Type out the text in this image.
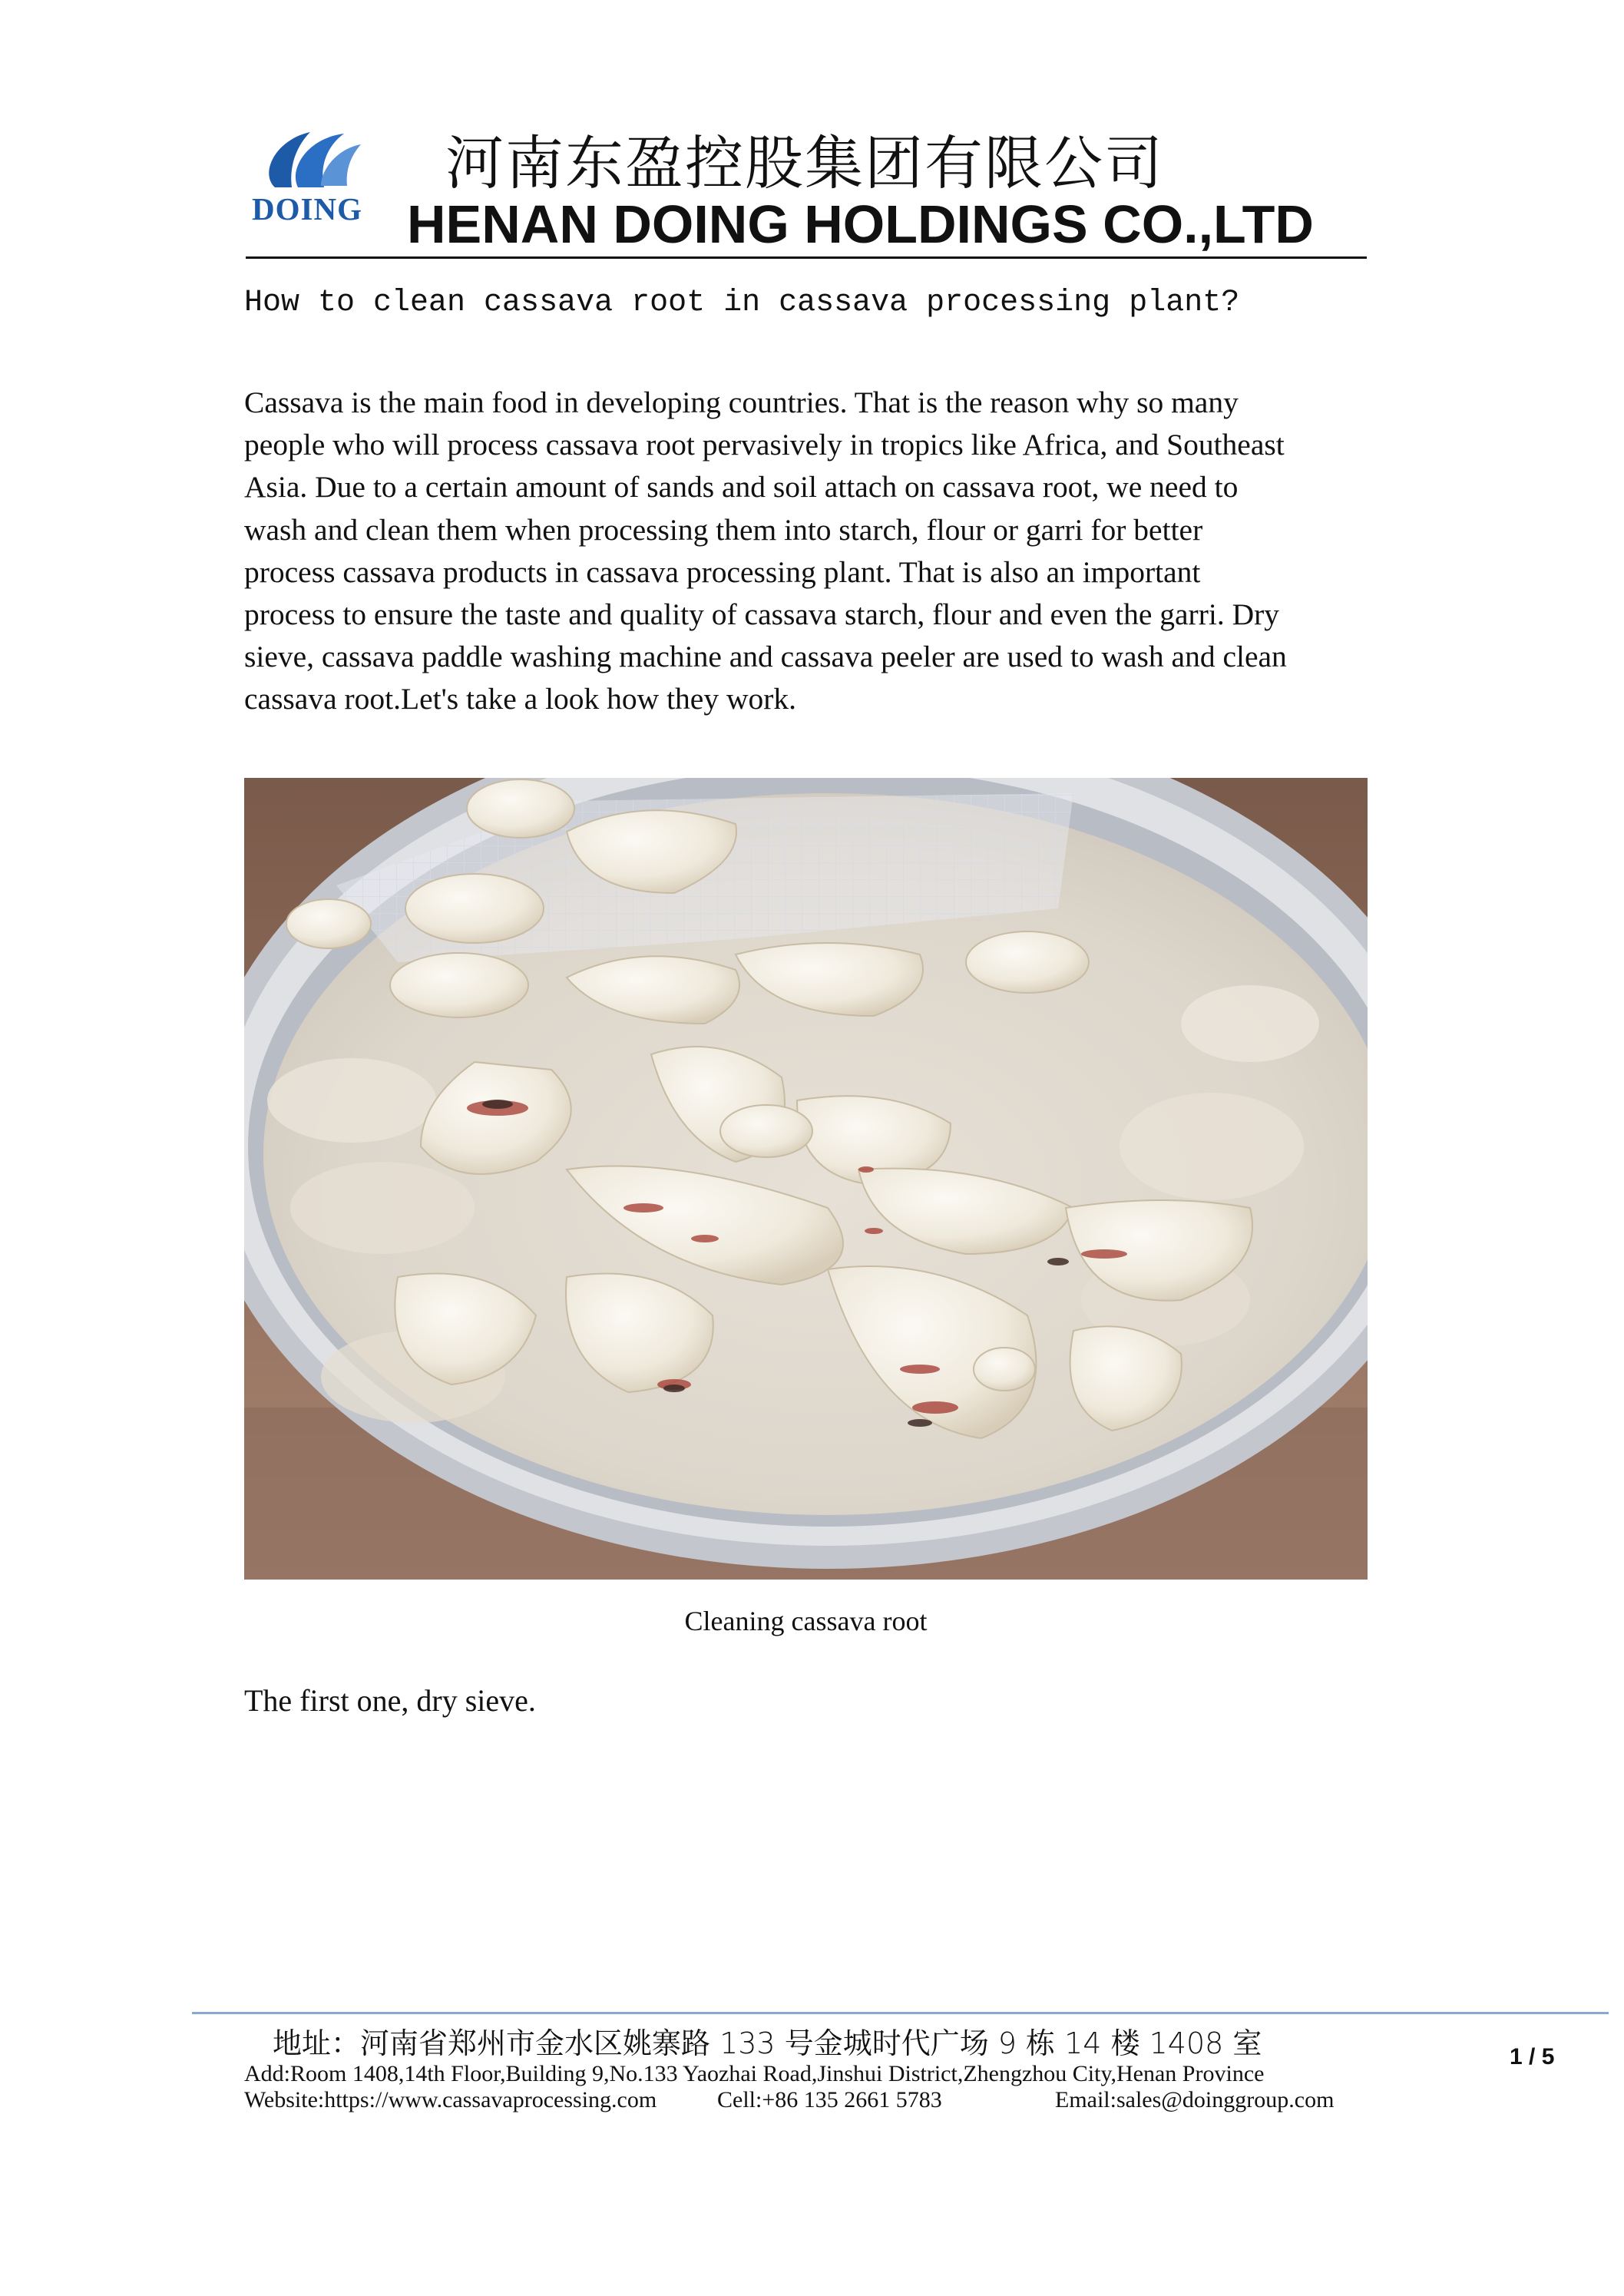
DOING
河南东盈控股集团有限公司
HENAN DOING HOLDINGS CO.,LTD
How to clean cassava root in cassava processing plant?
Cassava is the main food in developing countries. That is the reason why so many
people who will process cassava root pervasively in tropics like Africa, and Southeast
Asia. Due to a certain amount of sands and soil attach on cassava root, we need to
wash and clean them when processing them into starch, flour or garri for better
process cassava products in cassava processing plant. That is also an important
process to ensure the taste and quality of cassava starch, flour and even the garri. Dry
sieve, cassava paddle washing machine and cassava peeler are used to wash and clean
cassava root.Let's take a look how they work.
Cleaning cassava root
The first one, dry sieve.
地址：河南省郑州市金水区姚寨路 133 号金城时代广场 9 栋 14 楼 1408 室
Add:Room 1408,14th Floor,Building 9,No.133 Yaozhai Road,Jinshui District,Zhengzhou City,Henan Province
Website:https://www.cassavaprocessing.com	Cell:+86 135 2661 5783	Email:sales@doinggroup.com
1 / 5
